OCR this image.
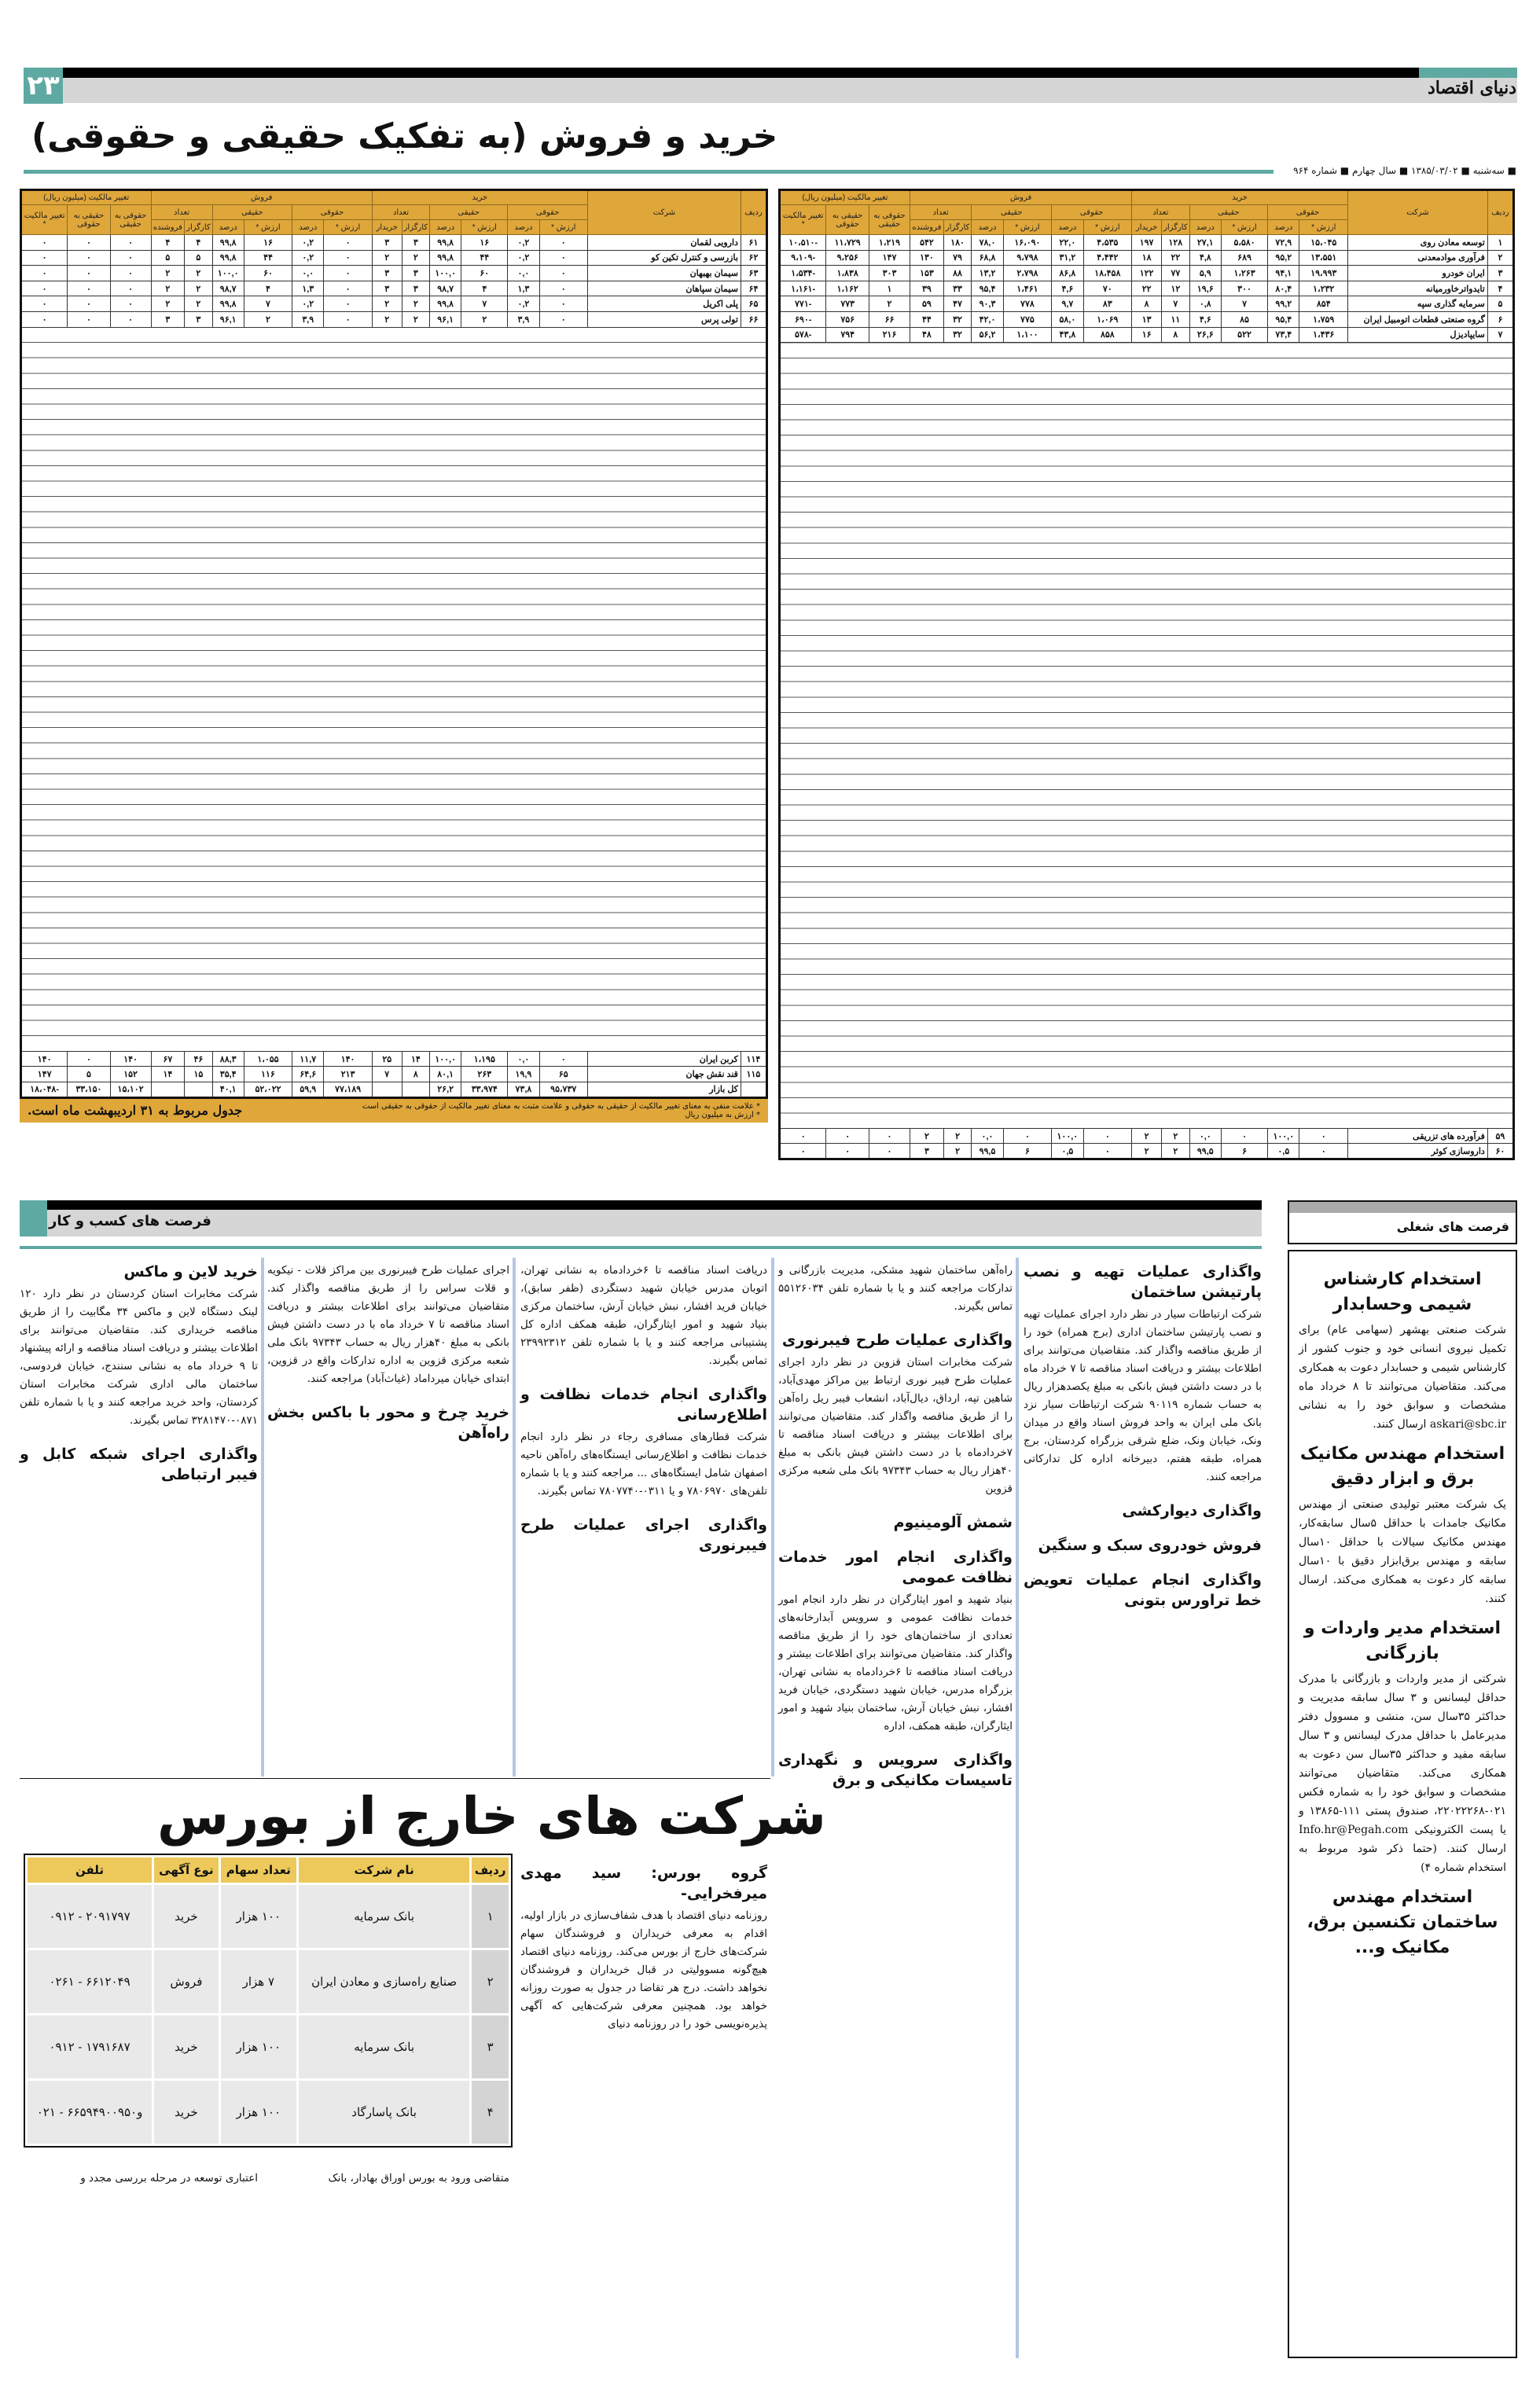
۲۳	دنیای اقتصاد
خرید و فروش (به تفکیک حقیقی و حقوقی)
■ سه‌شنبه ■ ۱۳۸۵/۰۳/۰۲ ■ سال چهارم ■ شماره ۹۶۴
ردیف	شرکت	خرید						فروش						تغییر مالکیت (میلیون ریال)		
		حقوقی		حقیقی		تعداد		حقوقی		حقیقی		تعداد		حقوقی به حقیقی	حقیقی به حقوقی	تغییر مالکیت *
		ارزش *	درصد	ارزش *	درصد	کارگزار	خریدار	ارزش *	درصد	ارزش *	درصد	کارگزار	فروشنده			
۱	توسعه معادن روی	۱۵،۰۴۵	۷۲,۹	۵،۵۸۰	۲۷,۱	۱۲۸	۱۹۷	۴،۵۳۵	۲۲,۰	۱۶،۰۹۰	۷۸,۰	۱۸۰	۵۴۲	۱،۲۱۹	۱۱،۷۲۹	-۱۰،۵۱۰
۲	فرآوری موادمعدنی	۱۳،۵۵۱	۹۵,۲	۶۸۹	۴,۸	۲۲	۱۸	۴،۴۴۲	۳۱,۲	۹،۷۹۸	۶۸,۸	۷۹	۱۳۰	۱۴۷	۹،۲۵۶	-۹،۱۰۹
۳	ایران خودرو	۱۹،۹۹۳	۹۴,۱	۱،۲۶۳	۵,۹	۷۷	۱۲۲	۱۸،۴۵۸	۸۶,۸	۲،۷۹۸	۱۳,۲	۸۸	۱۵۳	۳۰۳	۱،۸۳۸	-۱،۵۳۴
۴	تایدواترخاورمیانه	۱،۲۳۲	۸۰,۴	۳۰۰	۱۹,۶	۱۲	۲۲	۷۰	۴,۶	۱،۴۶۱	۹۵,۴	۳۳	۳۹	۱	۱،۱۶۲	-۱،۱۶۱
۵	سرمایه گذاری سپه	۸۵۴	۹۹,۲	۷	۰,۸	۷	۸	۸۳	۹,۷	۷۷۸	۹۰,۳	۴۷	۵۹	۲	۷۷۳	-۷۷۱
۶	گروه صنعتی قطعات اتومبیل ایران	۱،۷۵۹	۹۵,۴	۸۵	۴,۶	۱۱	۱۳	۱،۰۶۹	۵۸,۰	۷۷۵	۴۲,۰	۳۲	۴۴	۶۶	۷۵۶	-۶۹۰
۷	سایپادیزل	۱،۴۳۶	۷۳,۴	۵۲۲	۲۶,۶	۸	۱۶	۸۵۸	۴۳,۸	۱،۱۰۰	۵۶,۲	۳۲	۴۸	۲۱۶	۷۹۴	-۵۷۸

۵۹	فرآورده های تزریقی	۰	۱۰۰,۰	۰	۰,۰	۲	۲	۰	۱۰۰,۰	۰	۰,۰	۲	۲	۰	۰	۰
۶۰	داروسازی کوثر	۰	۰,۵	۶	۹۹,۵	۲	۲	۰	۰,۵	۶	۹۹,۵	۲	۳	۰	۰	۰
ردیف	شرکت	خرید						فروش						تغییر مالکیت (میلیون ریال)		
		حقوقی		حقیقی		تعداد		حقوقی		حقیقی		تعداد		حقوقی به حقیقی	حقیقی به حقوقی	تغییر مالکیت *
		ارزش *	درصد	ارزش *	درصد	کارگزار	خریدار	ارزش *	درصد	ارزش *	درصد	کارگزار	فروشنده			
۶۱	دارویی لقمان	۰	۰,۲	۱۶	۹۹,۸	۳	۳	۰	۰,۲	۱۶	۹۹,۸	۴	۴	۰	۰	۰
۶۲	بازرسی و کنترل تکین کو	۰	۰,۲	۴۴	۹۹,۸	۲	۲	۰	۰,۲	۴۴	۹۹,۸	۵	۵	۰	۰	۰
۶۳	سیمان بهبهان	۰	۰,۰	۶۰	۱۰۰,۰	۳	۳	۰	۰,۰	۶۰	۱۰۰,۰	۲	۲	۰	۰	۰
۶۴	سیمان سپاهان	۰	۱,۳	۴	۹۸,۷	۳	۳	۰	۱,۳	۴	۹۸,۷	۲	۲	۰	۰	۰
۶۵	پلی اکریل	۰	۰,۲	۷	۹۹,۸	۲	۲	۰	۰,۲	۷	۹۹,۸	۲	۲	۰	۰	۰
۶۶	تولی پرس	۰	۳,۹	۲	۹۶,۱	۲	۲	۰	۳,۹	۲	۹۶,۱	۳	۳	۰	۰	۰

۱۱۴	کربن ایران	۰	۰,۰	۱،۱۹۵	۱۰۰,۰	۱۴	۲۵	۱۴۰	۱۱,۷	۱،۰۵۵	۸۸,۳	۴۶	۶۷	۱۴۰	۰	۱۴۰
۱۱۵	قند نقش جهان	۶۵	۱۹,۹	۲۶۳	۸۰,۱	۸	۷	۲۱۳	۶۴,۶	۱۱۶	۳۵,۴	۱۵	۱۴	۱۵۲	۵	۱۴۷
	کل بازار	۹۵،۷۳۷	۷۳,۸	۳۳،۹۷۴	۲۶,۲			۷۷،۱۸۹	۵۹,۹	۵۲،۰۲۲	۴۰,۱			۱۵،۱۰۲	۳۳،۱۵۰	-۱۸،۰۴۸
* علامت منفی به معنای تغییر مالکیت از حقیقی به حقوقی و علامت مثبت به معنای تغییر مالکیت از حقوقی به حقیقی است
* ارزش به میلیون ریال
جدول مربوط به ۳۱ اردیبهشت ماه است.
فرصت های کسب و کار	فرصت های شغلی
استخدام کارشناس شیمی وحسابدار

شرکت صنعتی بهشهر (سهامی عام) برای تکمیل نیروی انسانی خود و جنوب کشور از کارشناس شیمی و حسابدار دعوت به همکاری می‌کند. متقاضیان می‌توانند تا ۸ خرداد ماه مشخصات و سوابق خود را به نشانی askari@sbc.ir ارسال کنند.

استخدام مهندس مکانیک برق و ابزار دقیق

یک شرکت معتبر تولیدی صنعتی از مهندس مکانیک جامدات با حداقل ۵سال سابقه‌کار، مهندس مکانیک سیالات با حداقل ۱۰سال سابقه و مهندس برق‌ابزار دقیق با ۱۰سال سابقه کار دعوت به همکاری می‌کند. ارسال کنند.

استخدام مدیر واردات و بازرگانی

شرکتی از مدیر واردات و بازرگانی با مدرک حداقل لیسانس و ۳ سال سابقه مدیریت و حداکثر ۳۵سال سن، منشی و مسوول دفتر مدیرعامل با حداقل مدرک لیسانس و ۳ سال سابقه مفید و حداکثر ۳۵سال سن دعوت به همکاری می‌کند. متقاضیان می‌توانند مشخصات و سوابق خود را به شماره فکس ۰۲۱-۲۲۰۲۲۲۶۸، صندوق پستی ۱۱۱-۱۳۸۶۵ و یا پست الکترونیکی Info.hr@Pegah.com ارسال کنند. (حتما ذکر شود مربوط به استخدام شماره ۴)

استخدام مهندس ساختمان تکنسین برق، مکانیک و...
واگذاری عملیات تهیه و نصب پارتیشن ساختمان

شرکت ارتباطات سیار در نظر دارد اجرای عملیات تهیه و نصب پارتیشن ساختمان اداری (برج همراه) خود را از طریق مناقصه واگذار کند. متقاضیان می‌توانند برای اطلاعات بیشتر و دریافت اسناد مناقصه تا ۷ خرداد ماه با در دست داشتن فیش بانکی به مبلغ یکصدهزار ریال به حساب شماره ۹۰۱۱۹ شرکت ارتباطات سیار نزد بانک ملی ایران به واحد فروش اسناد واقع در میدان ونک، خیابان ونک، ضلع شرقی بزرگراه کردستان، برج همراه، طبقه هفتم، دبیرخانه اداره کل تدارکاتی مراجعه کنند.

واگذاری دیوارکشی
فروش خودروی سبک و سنگین
واگذاری انجام عملیات تعویض خط تراورس بتونی

راه‌آهن ساختمان شهید مشکی، مدیریت بازرگانی و تدارکات مراجعه کنند و یا با شماره تلفن ۵۵۱۲۶۰۳۴ تماس بگیرند.

واگذاری عملیات طرح فیبرنوری

شرکت مخابرات استان قزوین در نظر دارد اجرای عملیات طرح فیبر نوری ارتباط بین مراکز مهدی‌آباد، شاهین تپه، ارداق، دیال‌آباد، انشعاب فیبر ریل راه‌آهن را از طریق مناقصه واگذار کند. متقاضیان می‌توانند برای اطلاعات بیشتر و دریافت اسناد مناقصه تا ۷خردادماه با در دست داشتن فیش بانکی به مبلغ ۴۰هزار ریال به حساب ۹۷۳۴۳ بانک ملی شعبه مرکزی قزوین

شمش آلومینیوم
واگذاری انجام امور خدمات نظافت عمومی

بنیاد شهید و امور ایثارگران در نظر دارد انجام امور خدمات نظافت عمومی و سرویس آبدارخانه‌های تعدادی از ساختمان‌های خود را از طریق مناقصه واگذار کند. متقاضیان می‌توانند برای اطلاعات بیشتر و دریافت اسناد مناقصه تا ۶خردادماه به نشانی تهران، بزرگراه مدرس، خیابان شهید دستگردی، خیابان فرید افشار، نبش خیابان آرش، ساختمان بنیاد شهید و امور ایثارگران، طبقه همکف، اداره

واگذاری سرویس و نگهداری تاسیسات مکانیکی و برق

دریافت اسناد مناقصه تا ۶خردادماه به نشانی تهران، اتوبان مدرس خیابان شهید دستگردی (ظفر سابق)، خیابان فرید افشار، نبش خیابان آرش، ساختمان مرکزی بنیاد شهید و امور ایثارگران، طبقه همکف اداره کل پشتیبانی مراجعه کنند و یا با شماره تلفن ۲۳۹۹۲۳۱۲ تماس بگیرند.

واگذاری انجام خدمات نظافت و اطلاع‌رسانی

شرکت قطارهای مسافری رجاء در نظر دارد انجام خدمات نظافت و اطلاع‌رسانی ایستگاه‌های راه‌آهن ناحیه اصفهان شامل ایستگاه‌های ... مراجعه کنند و یا با شماره تلفن‌های ۷۸۰۶۹۷۰ و یا ۰۳۱۱-۷۸۰۷۷۴۰ تماس بگیرند.

واگذاری اجرای عملیات طرح فیبرنوری

اجرای عملیات طرح فیبرنوری بین مراکز قلات - نیکویه و قلات سراس را از طریق مناقصه واگذار کند. متقاضیان می‌توانند برای اطلاعات بیشتر و دریافت اسناد مناقصه تا ۷ خرداد ماه با در دست داشتن فیش بانکی به مبلغ ۴۰هزار ریال به حساب ۹۷۳۴۳ بانک ملی شعبه مرکزی قزوین به اداره تدارکات واقع در قزوین، ابتدای خیابان میرداماد (غیاث‌آباد) مراجعه کنند.

خرید چرخ و محور با باکس بخش راه‌آهن
خرید لاین و ماکس

شرکت مخابرات استان کردستان در نظر دارد ۱۲۰ لینک دستگاه لاین و ماکس ۳۴ مگابیت را از طریق مناقصه خریداری کند. متقاضیان می‌توانند برای اطلاعات بیشتر و دریافت اسناد مناقصه و ارائه پیشنهاد تا ۹ خرداد ماه به نشانی سنندج، خیابان فردوسی، ساختمان مالی اداری شرکت مخابرات استان کردستان، واحد خرید مراجعه کنند و یا با شماره تلفن ۰۸۷۱-۳۲۸۱۴۷۰ تماس بگیرند.

واگذاری اجرای شبکه کابل و فیبر ارتباطی
شرکت های خارج از بورس
ردیف	نام شرکت	تعداد سهام	نوع آگهی	تلفن
۱	بانک سرمایه	۱۰۰ هزار	خرید	۰۹۱۲ - ۲۰۹۱۷۹۷
۲	صنایع راه‌سازی و معادن ایران	۷ هزار	فروش	۰۲۶۱ - ۶۶۱۲۰۴۹
۳	بانک سرمایه	۱۰۰ هزار	خرید	۰۹۱۲ - ۱۷۹۱۶۸۷
۴	بانک پاسارگاد	۱۰۰ هزار	خرید	۰۲۱ - ۶۶۵۹۴۹۰۰و۹۵۰
گروه بورس: سید مهدی میرفخرایی-

روزنامه دنیای اقتصاد با هدف شفاف‌سازی در بازار اولیه، اقدام به معرفی خریداران و فروشندگان سهام شرکت‌های خارج از بورس می‌کند. روزنامه دنیای اقتصاد هیچ‌گونه مسوولیتی در قبال خریداران و فروشندگان نخواهد داشت. درج هر تقاضا در جدول به صورت روزانه خواهد بود. همچنین معرفی شرکت‌هایی که آگهی پذیره‌نویسی خود را در روزنامه دنیای

متقاضی ورود به بورس اوراق بهادار، بانک
اعتباری توسعه در مرحله بررسی مجدد و
